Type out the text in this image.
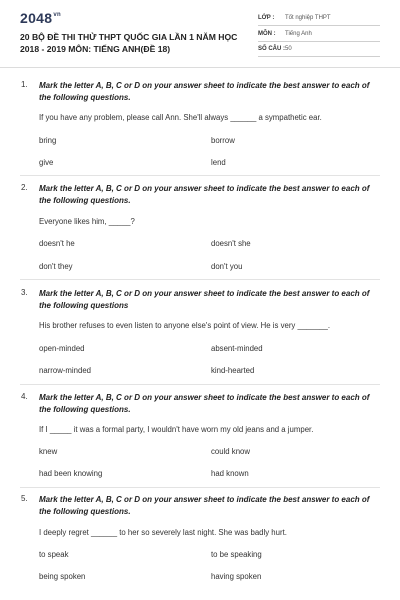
$2048^{vn}$
20 BỘ ĐỀ THI THỬ THPT QUỐC GIA LẦN 1 NĂM HỌC 2018 - 2019 MÔN: TIẾNG ANH(ĐỀ 18)
LỚP : Tốt nghiệp THPT
MÔN : Tiếng Anh
SỐ CÂU : 50
1. Mark the letter A, B, C or D on your answer sheet to indicate the best answer to each of the following questions.
If you have any problem, please call Ann. She'll always ______ a sympathetic ear.
bring	borrow
give	lend
2. Mark the letter A, B, C or D on your answer sheet to indicate the best answer to each of the following questions.
Everyone likes him, _____?
doesn't he	doesn't she
don't they	don't you
3. Mark the letter A, B, C or D on your answer sheet to indicate the best answer to each of the following questions
His brother refuses to even listen to anyone else's point of view. He is very _______.
open-minded	absent-minded
narrow-minded	kind-hearted
4. Mark the letter A, B, C or D on your answer sheet to indicate the best answer to each of the following questions.
If I _____ it was a formal party, I wouldn't have worn my old jeans and a jumper.
knew	could know
had been knowing	had known
5. Mark the letter A, B, C or D on your answer sheet to indicate the best answer to each of the following questions.
I deeply regret ______ to her so severely last night. She was badly hurt.
to speak	to be speaking
being spoken	having spoken
